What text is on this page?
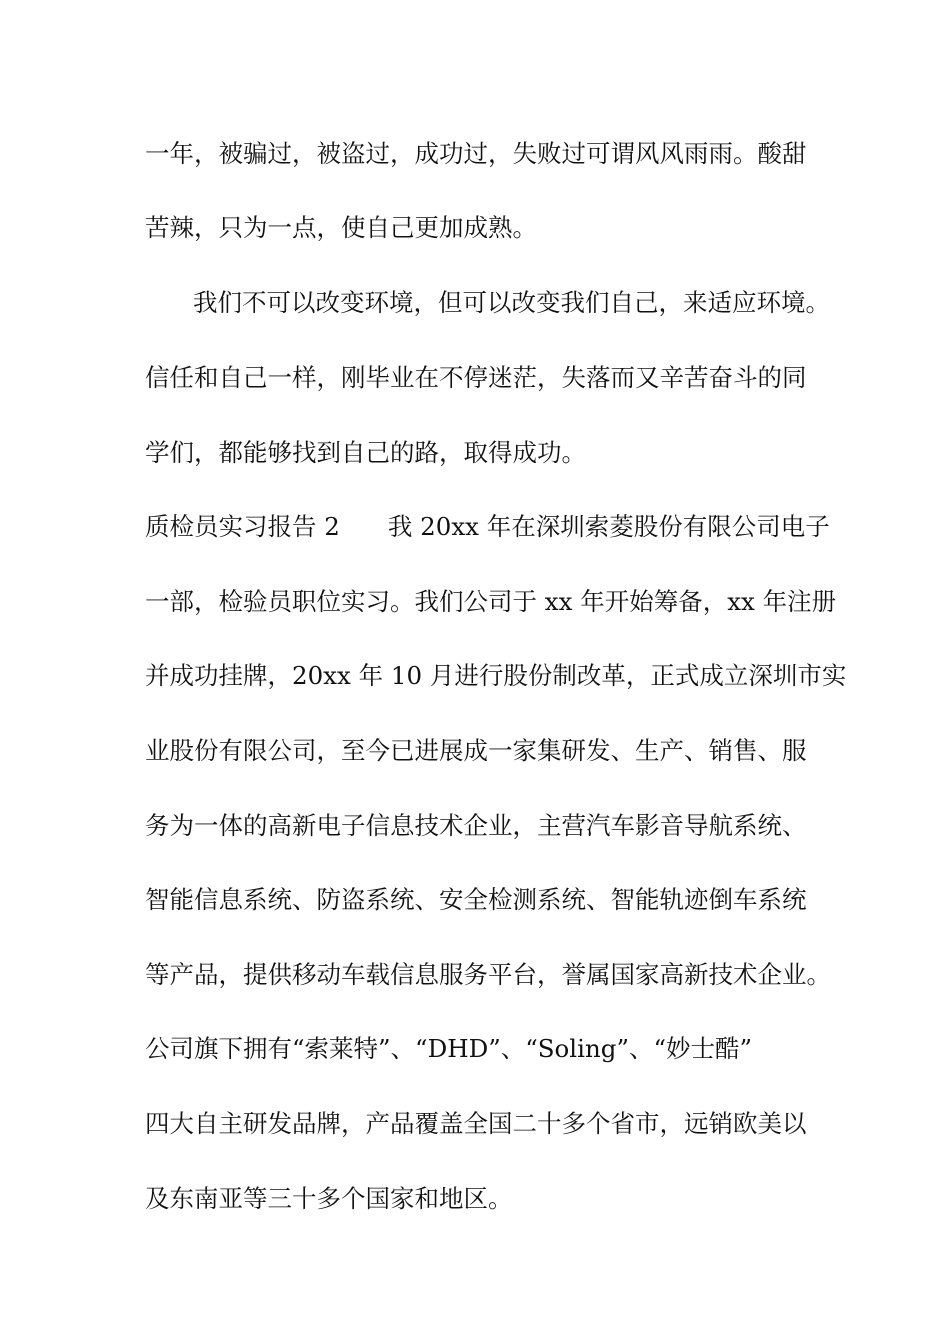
一年，被骗过，被盗过，成功过，失败过可谓风风雨雨。酸甜
苦辣，只为一点，使自己更加成熟。
我们不可以改变环境，但可以改变我们自己，来适应环境。
信任和自己一样，刚毕业在不停迷茫，失落而又辛苦奋斗的同
学们，都能够找到自己的路，取得成功。
质检员实习报告 2 我 20xx 年在深圳索菱股份有限公司电子
一部，检验员职位实习。我们公司于 xx 年开始筹备，xx 年注册
并成功挂牌，20xx 年 10 月进行股份制改革，正式成立深圳市实
业股份有限公司，至今已进展成一家集研发、生产、销售、服
务为一体的高新电子信息技术企业，主营汽车影音导航系统、
智能信息系统、防盗系统、安全检测系统、智能轨迹倒车系统
等产品，提供移动车载信息服务平台，誉属国家高新技术企业。
公司旗下拥有“索莱特”、“DHD”、“Soling”、“妙士酷”
四大自主研发品牌，产品覆盖全国二十多个省市，远销欧美以
及东南亚等三十多个国家和地区。
